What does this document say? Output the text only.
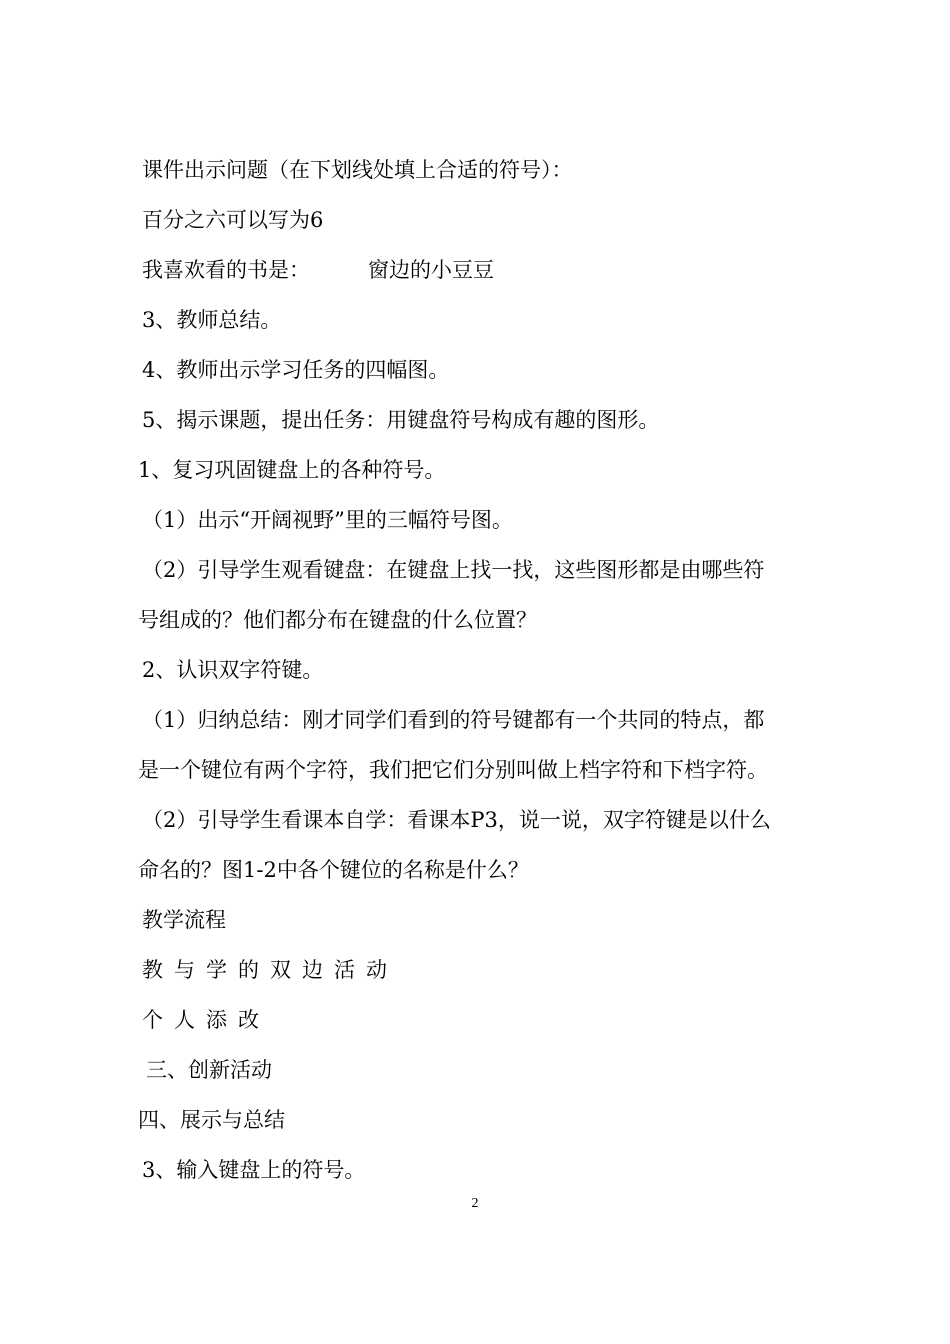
课件出示问题（在下划线处填上合适的符号）：
百分之六可以写为6
我喜欢看的书是：	窗边的小豆豆
3、教师总结。
4、教师出示学习任务的四幅图。
5、揭示课题，提出任务：用键盘符号构成有趣的图形。
1、复习巩固键盘上的各种符号。
（1）出示“开阔视野”里的三幅符号图。
（2）引导学生观看键盘：在键盘上找一找，这些图形都是由哪些符
号组成的？他们都分布在键盘的什么位置？
2、认识双字符键。
（1）归纳总结：刚才同学们看到的符号键都有一个共同的特点，都
是一个键位有两个字符，我们把它们分别叫做上档字符和下档字符。
（2）引导学生看课本自学：看课本P3，说一说，双字符键是以什么
命名的？图1-2中各个键位的名称是什么？
教学流程
教与学的双边活动
个人添改
三、创新活动
四、展示与总结
3、输入键盘上的符号。
2
